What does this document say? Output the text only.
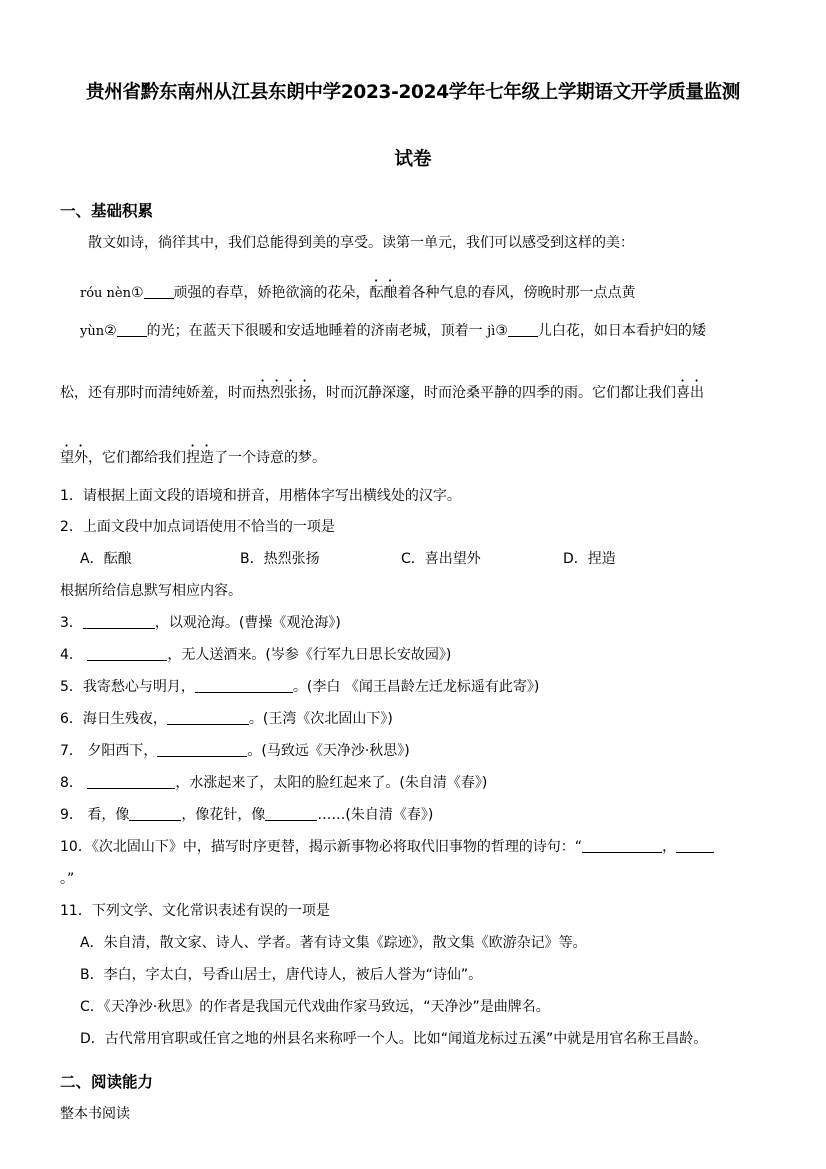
贵州省黔东南州从江县东朗中学2023-2024学年七年级上学期语文开学质量监测
试卷
一、基础积累
散文如诗，徜徉其中，我们总能得到美的享受。读第一单元，我们可以感受到这样的美：
róu nèn① 顽强的春草，娇艳欲滴的花朵，酝酿着各种气息的春风，傍晚时那一点点黄
yùn② 的光；在蓝天下很暖和安适地睡着的济南老城，顶着一 jì③ 儿白花，如日本看护妇的矮
松，还有那时而清纯娇羞，时而热烈张扬，时而沉静深邃，时而沧桑平静的四季的雨。它们都让我们喜出
望外，它们都给我们捏造了一个诗意的梦。
1．请根据上面文段的语境和拼音，用楷体字写出横线处的汉字。
2．上面文段中加点词语使用不恰当的一项是
A．酝酿	B．热烈张扬	C．喜出望外	D．捏造
根据所给信息默写相应内容。
3．	，以观沧海。(曹操《观沧海》)
4．	，无人送酒来。(岑参《行军九日思长安故园》)
5．我寄愁心与明月，	。(李白 《闻王昌龄左迁龙标遥有此寄》)
6．海日生残夜，	。(王湾《次北固山下》)
7． 夕阳西下，	。(马致远《天净沙·秋思》)
8．	，水涨起来了，太阳的脸红起来了。(朱自清《春》)
9． 看，像	，像花针，像	……(朱自清《春》)
10．《次北固山下》中，描写时序更替，揭示新事物必将取代旧事物的哲理的诗句：“	，
。”
11．下列文学、文化常识表述有误的一项是
A．朱自清，散文家、诗人、学者。著有诗文集《踪迹》，散文集《欧游杂记》等。
B．李白，字太白，号香山居士，唐代诗人，被后人誉为“诗仙”。
C．《天净沙·秋思》的作者是我国元代戏曲作家马致远，“天净沙”是曲牌名。
D．古代常用官职或任官之地的州县名来称呼一个人。比如“闻道龙标过五溪”中就是用官名称王昌龄。
二、阅读能力
整本书阅读
